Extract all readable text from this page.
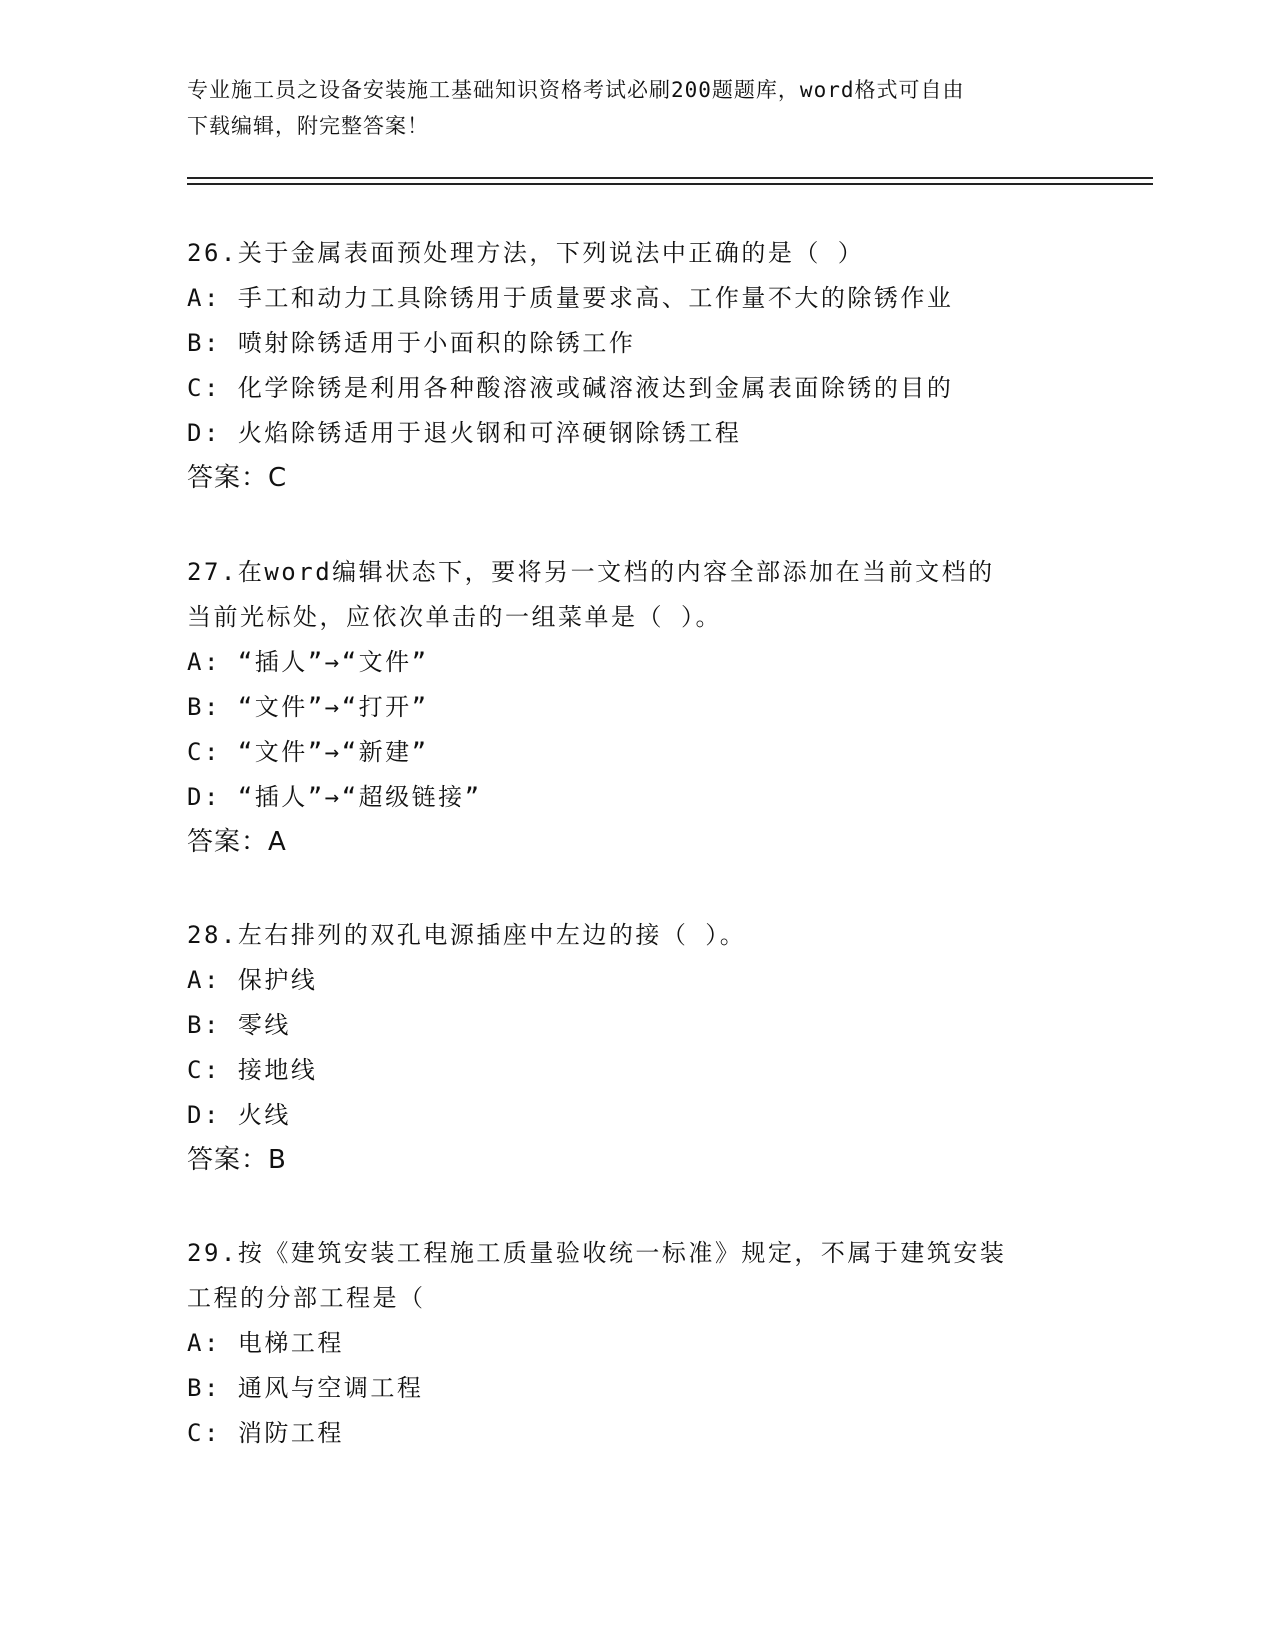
专业施工员之设备安装施工基础知识资格考试必刷200题题库，word格式可自由
下载编辑，附完整答案！
26.关于金属表面预处理方法，下列说法中正确的是（ ）
A: 手工和动力工具除锈用于质量要求高、工作量不大的除锈作业
B: 喷射除锈适用于小面积的除锈工作
C: 化学除锈是利用各种酸溶液或碱溶液达到金属表面除锈的目的
D: 火焰除锈适用于退火钢和可淬硬钢除锈工程
答案：C
27.在word编辑状态下，要将另一文档的内容全部添加在当前文档的
当前光标处，应依次单击的一组菜单是（ ）。
A: “插人”→“文件”
B: “文件”→“打开”
C: “文件”→“新建”
D: “插人”→“超级链接”
答案：A
28.左右排列的双孔电源插座中左边的接（ ）。
A: 保护线
B: 零线
C: 接地线
D: 火线
答案：B
29.按《建筑安装工程施工质量验收统一标准》规定，不属于建筑安装
工程的分部工程是（
A: 电梯工程
B: 通风与空调工程
C: 消防工程
